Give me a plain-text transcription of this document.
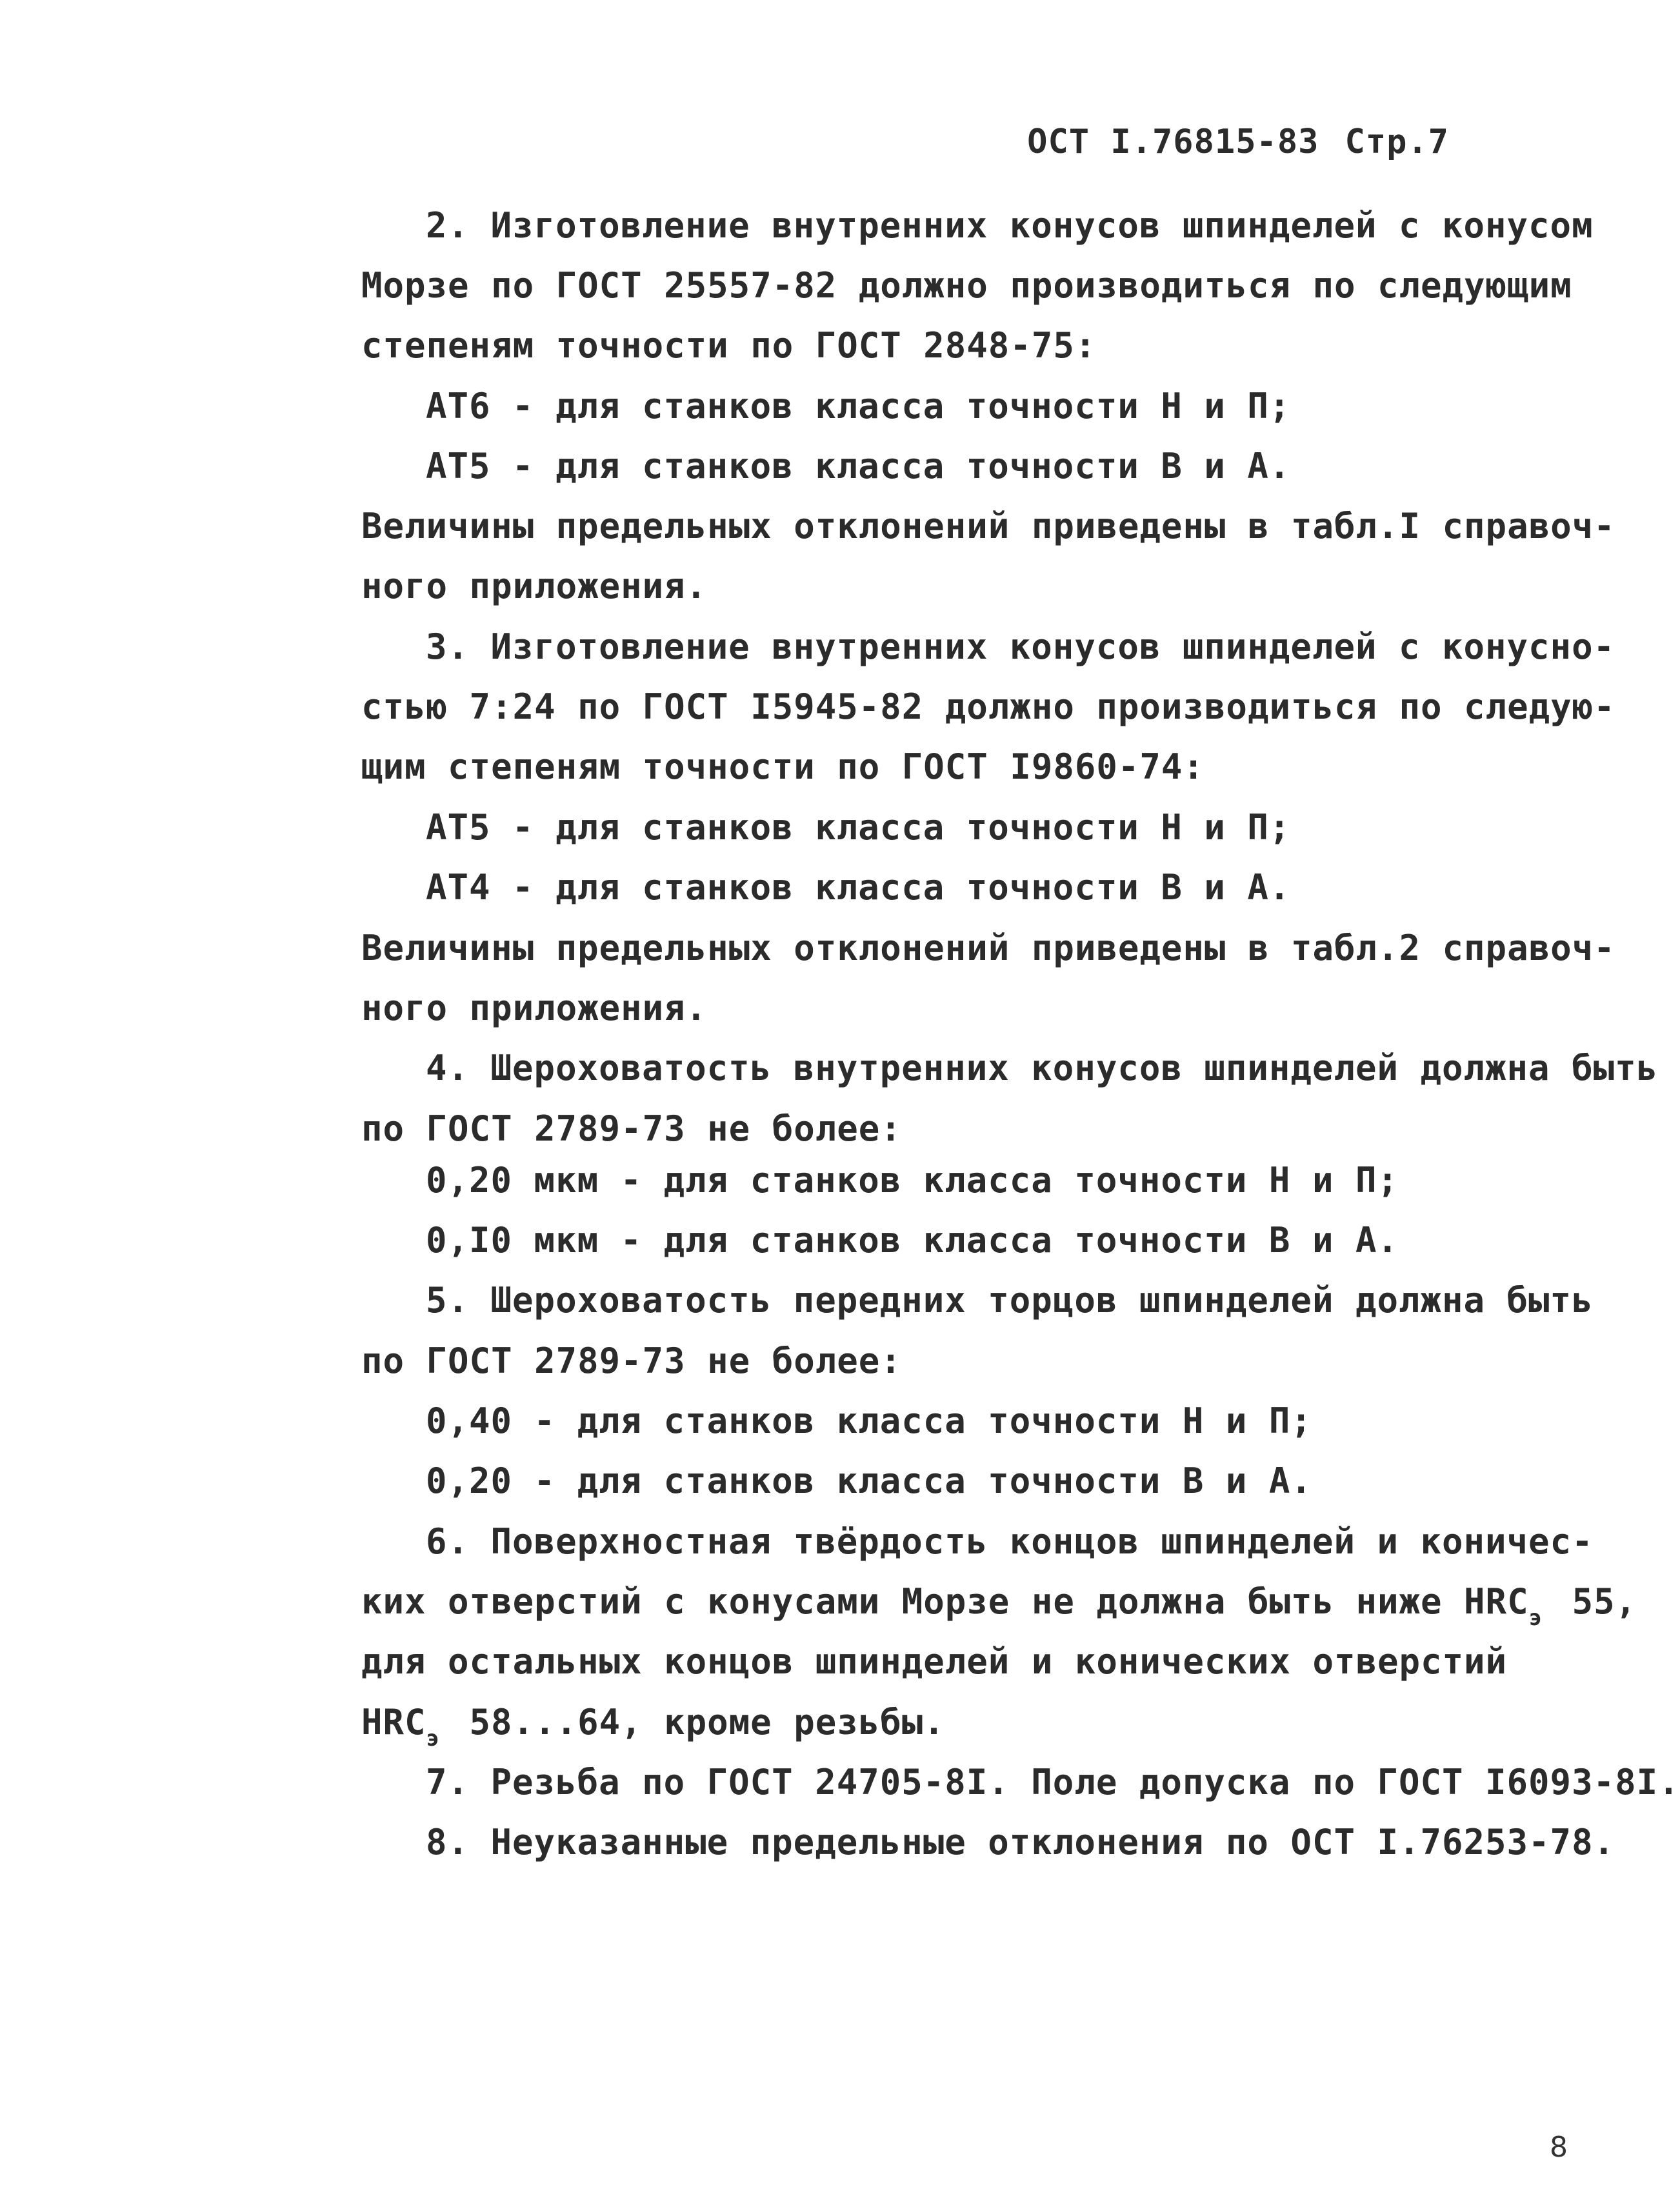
ОСТ I.76815-83 Стр.7
2. Изготовление внутренних конусов шпинделей с конусом
Морзе по ГОСТ 25557-82 должно производиться по следующим
степеням точности по ГОСТ 2848-75:
АТ6 - для станков класса точности Н и П;
АТ5 - для станков класса точности В и А.
Величины предельных отклонений приведены в табл.I справоч-
ного приложения.
3. Изготовление внутренних конусов шпинделей с конусно-
стью 7:24 по ГОСТ I5945-82 должно производиться по следую-
щим степеням точности по ГОСТ I9860-74:
АТ5 - для станков класса точности Н и П;
АТ4 - для станков класса точности В и А.
Величины предельных отклонений приведены в табл.2 справоч-
ного приложения.
4. Шероховатость внутренних конусов шпинделей должна быть
по ГОСТ 2789-73 не более:
0,20 мкм - для станков класса точности Н и П;
0,I0 мкм - для станков класса точности В и А.
5. Шероховатость передних торцов шпинделей должна быть
по ГОСТ 2789-73 не более:
0,40 - для станков класса точности Н и П;
0,20 - для станков класса точности В и А.
6. Поверхностная твёрдость концов шпинделей и коничес-
ких отверстий с конусами Морзе не должна быть ниже $HRC_э$ 55,
для остальных концов шпинделей и конических отверстий
$HRC_э$ 58...64, кроме резьбы.
7. Резьба по ГОСТ 24705-8I. Поле допуска по ГОСТ I6093-8I.
8. Неуказанные предельные отклонения по ОСТ I.76253-78.
8
